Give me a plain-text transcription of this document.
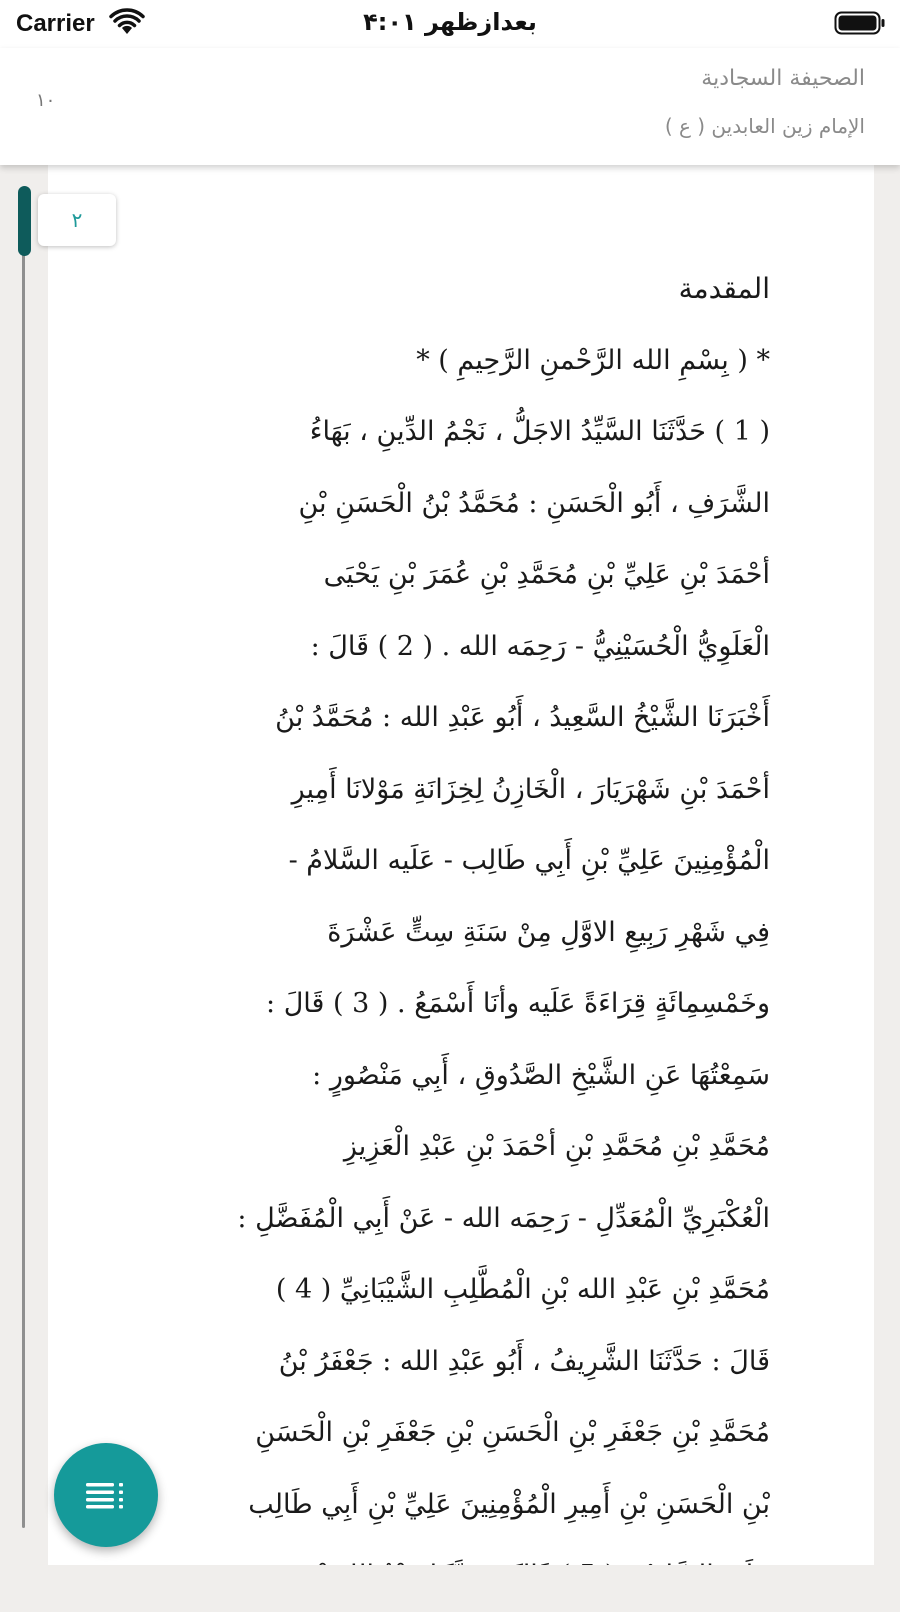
Carrier	۴:۰۱ بعدازظهر
الصحيفة السجادية
الإمام زين العابدين ( ع )
۱۰
۲
المقدمة
* ( بِسْمِ الله الرَّحْمنِ الرَّحِيمِ ) *
( 1 ) حَدَّثَنَا السَّيِّدُ الاجَلُّ ، نَجْمُ الدِّينِ ، بَهَاءُ
الشَّرَفِ ، أَبُو الْحَسَنِ : مُحَمَّدُ بْنُ الْحَسَنِ بْنِ
أحْمَدَ بْنِ عَلِيِّ بْنِ مُحَمَّدِ بْنِ عُمَرَ بْنِ يَحْيَى
الْعَلَوِيُّ الْحُسَيْنِيُّ - رَحِمَه الله . ( 2 ) قَالَ :
أَخْبَرَنَا الشَّيْخُ السَّعِيدُ ، أَبُو عَبْدِ الله : مُحَمَّدُ بْنُ
أحْمَدَ بْنِ شَهْرَيَارَ ، الْخَازِنُ لِخِزَانَةِ مَوْلانَا أَمِيرِ
الْمُؤْمِنِينَ عَلِيِّ بْنِ أَبِي طَالِب - عَلَيه السَّلامُ -
فِي شَهْرِ رَبِيعِ الاوَّلِ مِنْ سَنَةِ سِتٍّ عَشْرَةَ
وخَمْسِمِائَةٍ قِرَاءَةً عَلَيه وأنَا أَسْمَعُ . ( 3 ) قَالَ :
سَمِعْتُهَا عَنِ الشَّيْخِ الصَّدُوقِ ، أَبِي مَنْصُورٍ :
مُحَمَّدِ بْنِ مُحَمَّدِ بْنِ أحْمَدَ بْنِ عَبْدِ الْعَزِيزِ
الْعُكْبَرِيِّ الْمُعَدِّلِ - رَحِمَه الله - عَنْ أَبِي الْمُفَضَّلِ :
مُحَمَّدِ بْنِ عَبْدِ الله بْنِ الْمُطَّلِبِ الشَّيْبَانِيِّ ( 4 )
قَالَ : حَدَّثَنَا الشَّرِيفُ ، أَبُو عَبْدِ الله : جَعْفَرُ بْنُ
مُحَمَّدِ بْنِ جَعْفَرِ بْنِ الْحَسَنِ بْنِ جَعْفَرِ بْنِ الْحَسَنِ
بْنِ الْحَسَنِ بْنِ أَمِيرِ الْمُؤْمِنِينَ عَلِيِّ بْنِ أَبِي طَالِب
